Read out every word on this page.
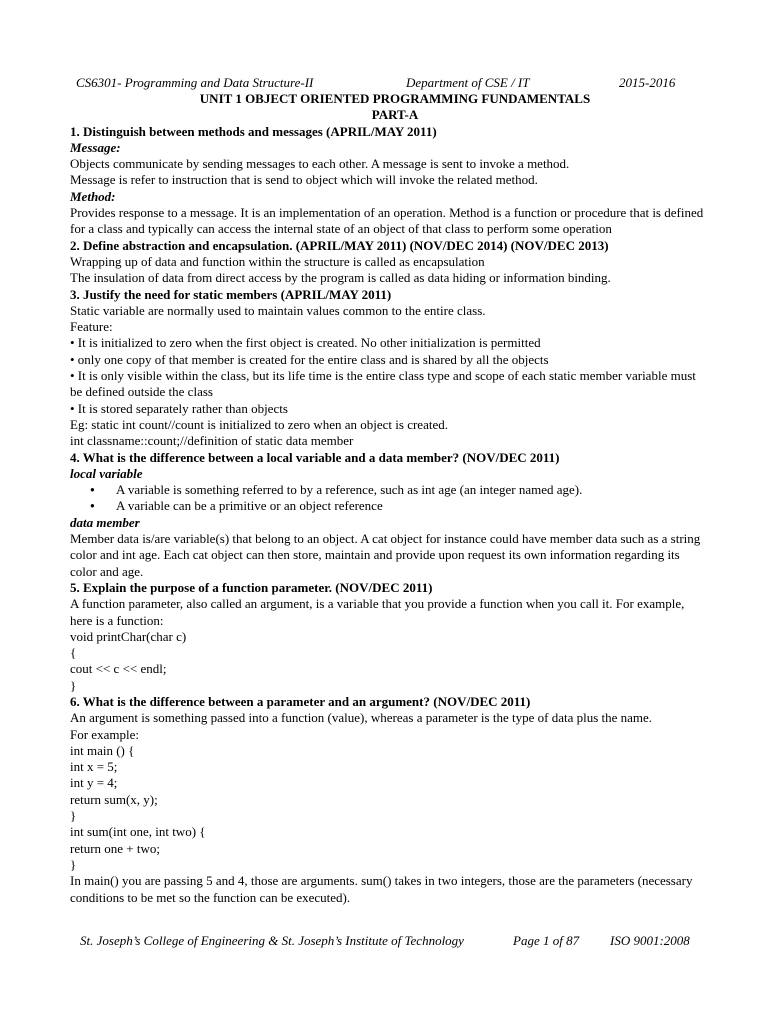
CS6301- Programming and Data Structure-II	Department of CSE / IT	2015-2016
UNIT 1 OBJECT ORIENTED PROGRAMMING FUNDAMENTALS
PART-A
1. Distinguish between methods and messages (APRIL/MAY 2011)
Message:
Objects communicate by sending messages to each other. A message is sent to invoke a method.
Message is refer to instruction that is send to object which will invoke the related method.
Method:
Provides response to a message. It is an implementation of an operation. Method is a function or procedure that is defined
for a class and typically can access the internal state of an object of that class to perform some operation
2. Define abstraction and encapsulation. (APRIL/MAY 2011) (NOV/DEC 2014) (NOV/DEC 2013)
Wrapping up of data and function within the structure is called as encapsulation
The insulation of data from direct access by the program is called as data hiding or information binding.
3. Justify the need for static members (APRIL/MAY 2011)
Static variable are normally used to maintain values common to the entire class.
Feature:
• It is initialized to zero when the first object is created. No other initialization is permitted
• only one copy of that member is created for the entire class and is shared by all the objects
• It is only visible within the class, but its life time is the entire class type and scope of each static member variable must
be defined outside the class
• It is stored separately rather than objects
Eg: static int count//count is initialized to zero when an object is created.
int classname::count;//definition of static data member
4. What is the difference between a local variable and a data member? (NOV/DEC 2011)
local variable
● A variable is something referred to by a reference, such as int age (an integer named age).
● A variable can be a primitive or an object reference
data member
Member data is/are variable(s) that belong to an object. A cat object for instance could have member data such as a string
color and int age. Each cat object can then store, maintain and provide upon request its own information regarding its
color and age.
5. Explain the purpose of a function parameter. (NOV/DEC 2011)
A function parameter, also called an argument, is a variable that you provide a function when you call it. For example,
here is a function:
void printChar(char c)
{
cout << c << endl;
}
6. What is the difference between a parameter and an argument? (NOV/DEC 2011)
An argument is something passed into a function (value), whereas a parameter is the type of data plus the name.
For example:
int main () {
int x = 5;
int y = 4;
return sum(x, y);
}
int sum(int one, int two) {
return one + two;
}
In main() you are passing 5 and 4, those are arguments. sum() takes in two integers, those are the parameters (necessary
conditions to be met so the function can be executed).
St. Joseph’s College of Engineering & St. Joseph’s Institute of Technology	Page 1 of 87 ISO 9001:2008
